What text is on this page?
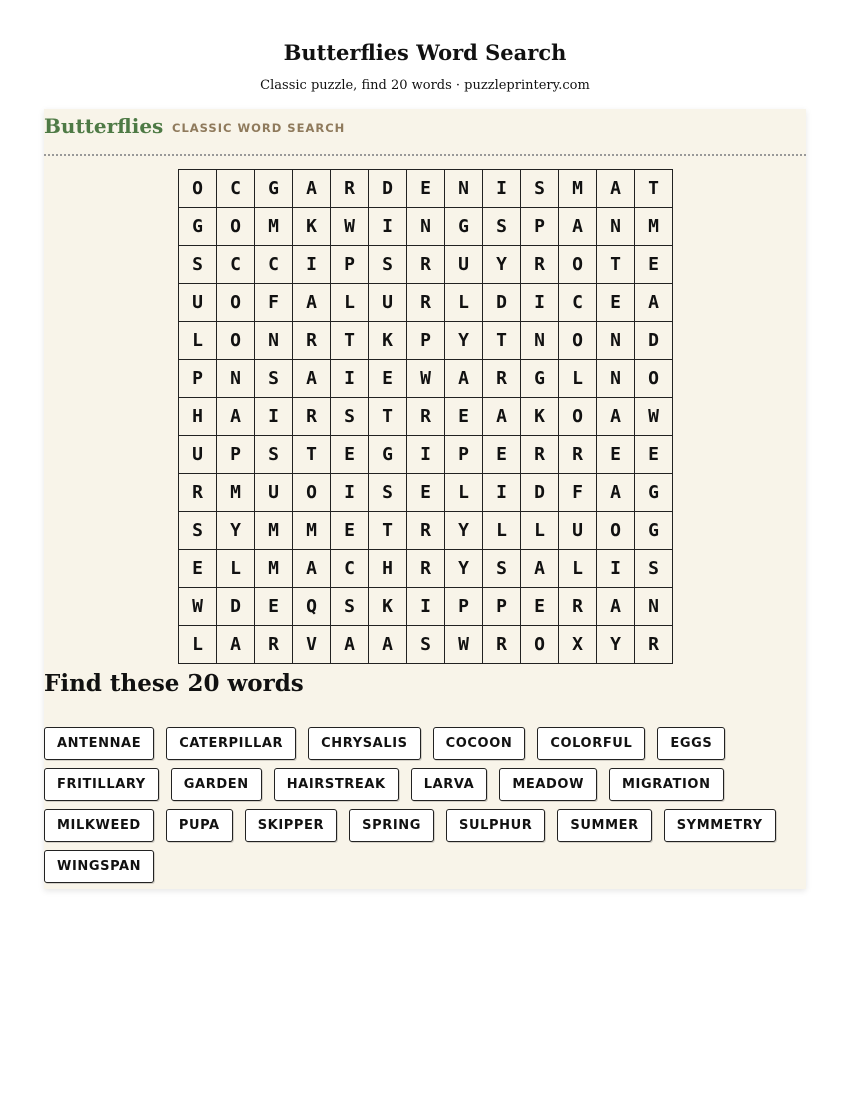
Butterflies Word Search

Classic puzzle, find 20 words · puzzleprintery.com

Butterflies CLASSIC WORD SEARCH
O	C	G	A	R	D	E	N	I	S	M	A	T
G	O	M	K	W	I	N	G	S	P	A	N	M
S	C	C	I	P	S	R	U	Y	R	O	T	E
U	O	F	A	L	U	R	L	D	I	C	E	A
L	O	N	R	T	K	P	Y	T	N	O	N	D
P	N	S	A	I	E	W	A	R	G	L	N	O
H	A	I	R	S	T	R	E	A	K	O	A	W
U	P	S	T	E	G	I	P	E	R	R	E	E
R	M	U	O	I	S	E	L	I	D	F	A	G
S	Y	M	M	E	T	R	Y	L	L	U	O	G
E	L	M	A	C	H	R	Y	S	A	L	I	S
W	D	E	Q	S	K	I	P	P	E	R	A	N
L	A	R	V	A	A	S	W	R	O	X	Y	R
Find these 20 words
ANTENNAE	CATERPILLAR	CHRYSALIS	COCOON	COLORFUL	EGGS
FRITILLARY	GARDEN	HAIRSTREAK	LARVA	MEADOW	MIGRATION
MILKWEED	PUPA	SKIPPER	SPRING	SULPHUR	SUMMER	SYMMETRY
WINGSPAN
